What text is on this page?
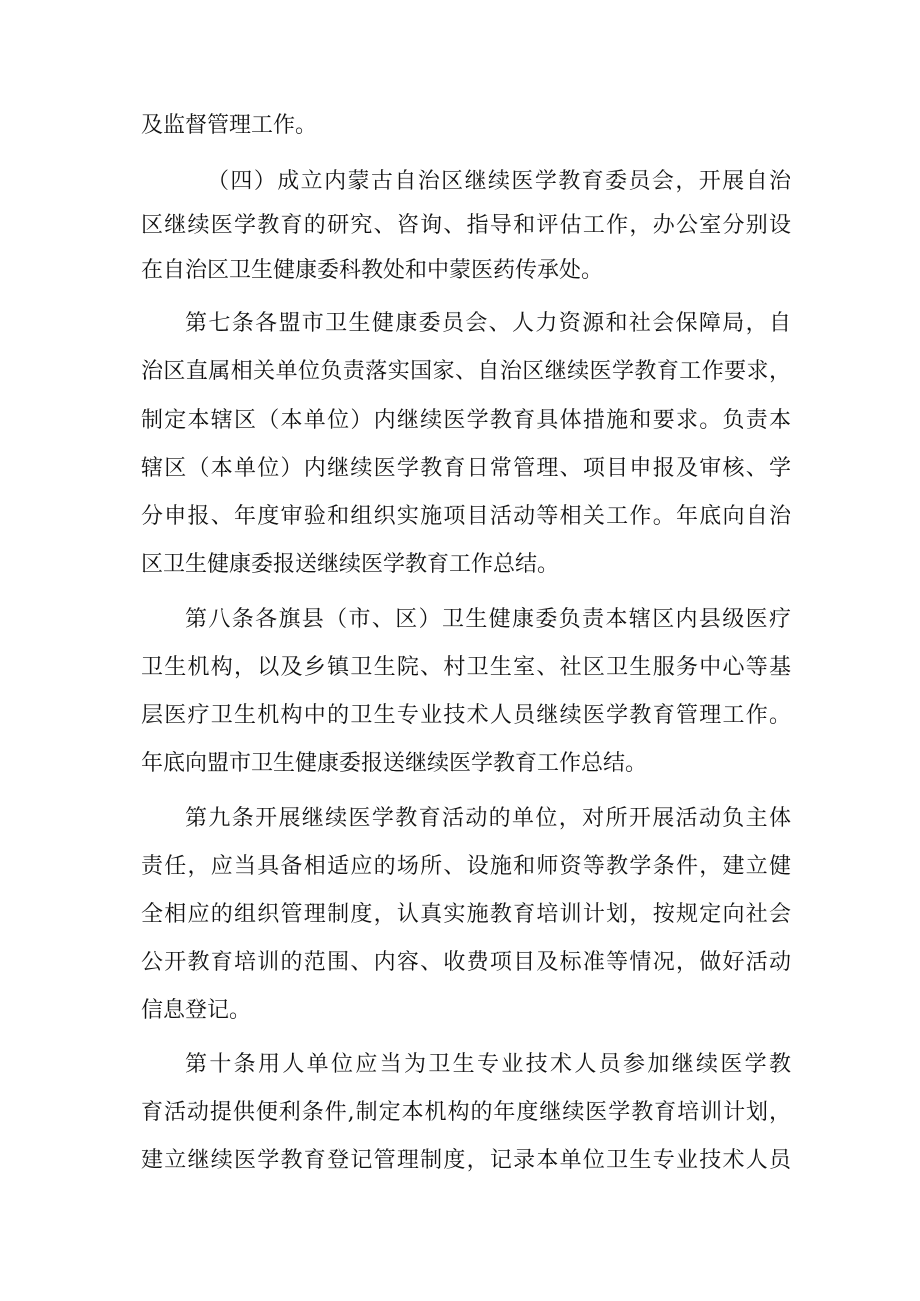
及监督管理工作。
（四）成立内蒙古自治区继续医学教育委员会，开展自治
区继续医学教育的研究、咨询、指导和评估工作，办公室分别设
在自治区卫生健康委科教处和中蒙医药传承处。
第七条各盟市卫生健康委员会、人力资源和社会保障局，自
治区直属相关单位负责落实国家、自治区继续医学教育工作要求，
制定本辖区（本单位）内继续医学教育具体措施和要求。负责本
辖区（本单位）内继续医学教育日常管理、项目申报及审核、学
分申报、年度审验和组织实施项目活动等相关工作。年底向自治
区卫生健康委报送继续医学教育工作总结。
第八条各旗县（市、区）卫生健康委负责本辖区内县级医疗
卫生机构，以及乡镇卫生院、村卫生室、社区卫生服务中心等基
层医疗卫生机构中的卫生专业技术人员继续医学教育管理工作。
年底向盟市卫生健康委报送继续医学教育工作总结。
第九条开展继续医学教育活动的单位，对所开展活动负主体
责任，应当具备相适应的场所、设施和师资等教学条件，建立健
全相应的组织管理制度，认真实施教育培训计划，按规定向社会
公开教育培训的范围、内容、收费项目及标准等情况，做好活动
信息登记。
第十条用人单位应当为卫生专业技术人员参加继续医学教
育活动提供便利条件,制定本机构的年度继续医学教育培训计划，
建立继续医学教育登记管理制度，记录本单位卫生专业技术人员
